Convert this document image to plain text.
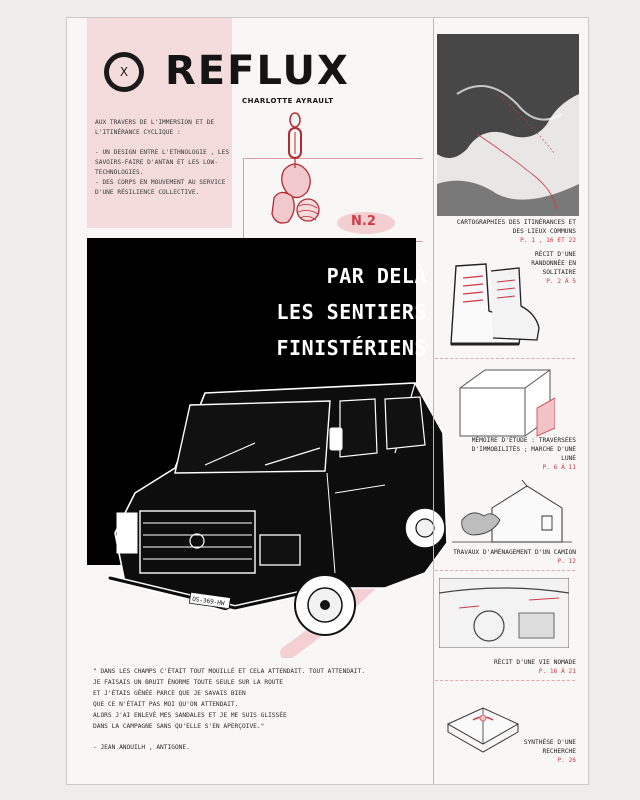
X REFLUX
CHARLOTTE AYRAULT

AUX TRAVERS DE L'IMMERSION ET DE L'ITINÉRANCE CYCLIQUE :

- UN DESIGN ENTRE L'ETHNOLOGIE , LES SAVOIRS-FAIRE D'ANTAN ET LES LOW-TECHNOLOGIES.

- DES CORPS EN MOUVEMENT AU SERVICE D'UNE RÉSILIENCE COLLECTIVE.

N.2
PAR DELÀ
LES SENTIERS
FINISTÉRIENS
OS-369-HW

" DANS LES CHAMPS C'ÉTAIT TOUT MOUILLÉ ET CELA ATTENDAIT. TOUT ATTENDAIT.

JE FAISAIS UN BRUIT ÉNORME TOUTE SEULE SUR LA ROUTE

ET J'ÉTAIS GÊNÉE PARCE QUE JE SAVAIS BIEN

QUE CE N'ÉTAIT PAS MOI QU'ON ATTENDAIT.

ALORS J'AI ENLEVÉ MES SANDALES ET JE ME SUIS GLISSÉE

DANS LA CAMPAGNE SANS QU'ELLE S'EN APERÇOIVE."

- JEAN ANOUILH , ANTIGONE.
CARTOGRAPHIES DES ITINÉRANCES ET DES LIEUX COMMUNS
P. 1 , 16 ET 22
RÉCIT D'UNE RANDONNÉE EN SOLITAIRE
P. 2 À 5
MÉMOIRE D'ÉTUDE : TRAVERSÉES D'IMMOBILITÉS ; MARCHE D'UNE LUNE
P. 6 À 11
TRAVAUX D'AMÉNAGEMENT D'UN CAMION
P. 12
RÉCIT D'UNE VIE NOMADE
P. 16 À 21
SYNTHÈSE D'UNE RECHERCHE
P. 26
